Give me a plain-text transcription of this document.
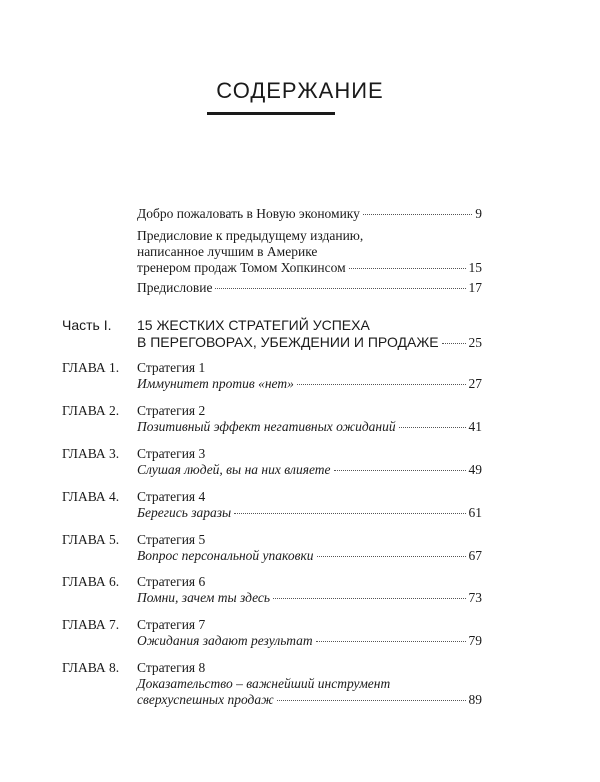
СОДЕРЖАНИЕ
Добро пожаловать в Новую экономику	9
Предисловие к предыдущему изданию,
написанное лучшим в Америке
тренером продаж Томом Хопкинсом	15
Предисловие	17
Часть I. 15 ЖЕСТКИХ СТРАТЕГИЙ УСПЕХА
В ПЕРЕГОВОРАХ, УБЕЖДЕНИИ И ПРОДАЖЕ 25
ГЛАВА 1. Стратегия 1
Иммунитет против «нет»	27
ГЛАВА 2. Стратегия 2
Позитивный эффект негативных ожиданий	41
ГЛАВА 3. Стратегия 3
Слушая людей, вы на них влияете	49
ГЛАВА 4. Стратегия 4
Берегись заразы	61
ГЛАВА 5. Стратегия 5
Вопрос персональной упаковки	67
ГЛАВА 6. Стратегия 6
Помни, зачем ты здесь	73
ГЛАВА 7. Стратегия 7
Ожидания задают результат	79
ГЛАВА 8. Стратегия 8
Доказательство – важнейший инструмент
сверхуспешных продаж	89
